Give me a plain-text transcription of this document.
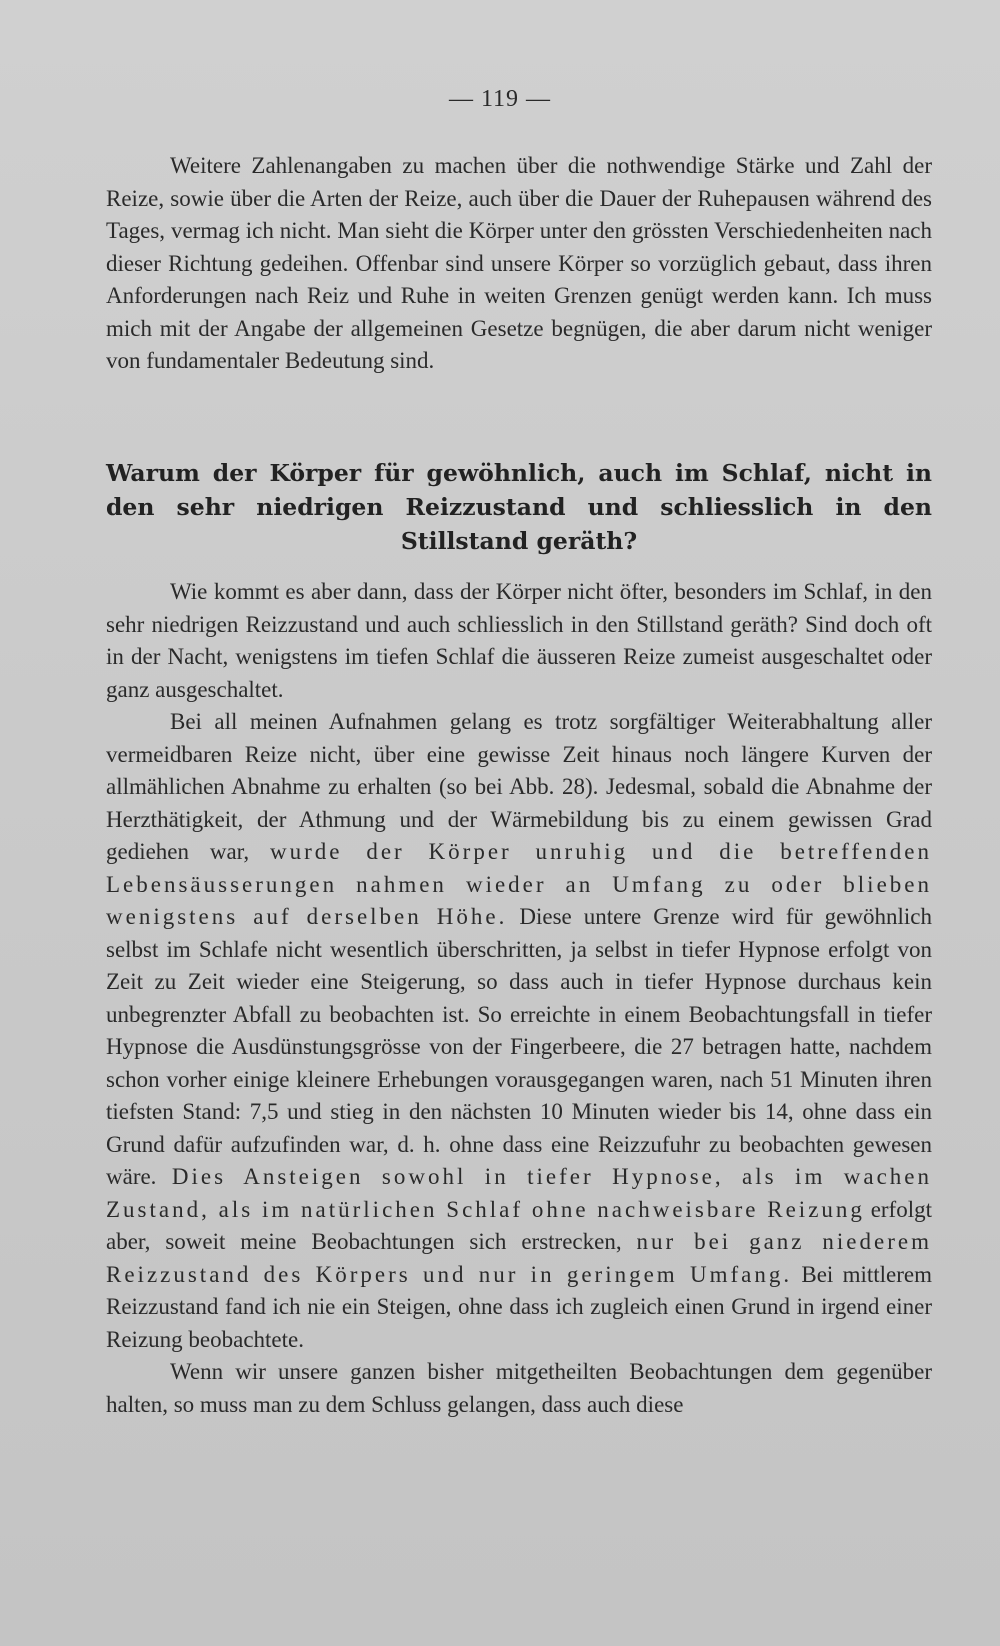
— 119 —

Weitere Zahlenangaben zu machen über die nothwendige Stärke und Zahl der Reize, sowie über die Arten der Reize, auch über die Dauer der Ruhepausen während des Tages, vermag ich nicht. Man sieht die Körper unter den grössten Verschiedenheiten nach dieser Richtung gedeihen. Offenbar sind unsere Körper so vorzüglich gebaut, dass ihren Anforderungen nach Reiz und Ruhe in weiten Grenzen genügt werden kann. Ich muss mich mit der Angabe der allgemeinen Gesetze begnügen, die aber darum nicht weniger von fundamentaler Bedeutung sind.

Warum der Körper für gewöhnlich, auch im Schlaf, nicht in den sehr niedrigen Reizzustand und schliesslich in den Stillstand geräth?

Wie kommt es aber dann, dass der Körper nicht öfter, besonders im Schlaf, in den sehr niedrigen Reizzustand und auch schliesslich in den Stillstand geräth? Sind doch oft in der Nacht, wenigstens im tiefen Schlaf die äusseren Reize zumeist ausgeschaltet oder ganz ausgeschaltet.

Bei all meinen Aufnahmen gelang es trotz sorgfältiger Weiterabhaltung aller vermeidbaren Reize nicht, über eine gewisse Zeit hinaus noch längere Kurven der allmählichen Abnahme zu erhalten (so bei Abb. 28). Jedesmal, sobald die Abnahme der Herzthätigkeit, der Athmung und der Wärmebildung bis zu einem gewissen Grad gediehen war, wurde der Körper unruhig und die betreffenden Lebensäusserungen nahmen wieder an Umfang zu oder blieben wenigstens auf derselben Höhe. Diese untere Grenze wird für gewöhnlich selbst im Schlafe nicht wesentlich überschritten, ja selbst in tiefer Hypnose erfolgt von Zeit zu Zeit wieder eine Steigerung, so dass auch in tiefer Hypnose durchaus kein unbegrenzter Abfall zu beobachten ist. So erreichte in einem Beobachtungsfall in tiefer Hypnose die Ausdünstungsgrösse von der Fingerbeere, die 27 betragen hatte, nachdem schon vorher einige kleinere Erhebungen vorausgegangen waren, nach 51 Minuten ihren tiefsten Stand: 7,5 und stieg in den nächsten 10 Minuten wieder bis 14, ohne dass ein Grund dafür aufzufinden war, d. h. ohne dass eine Reizzufuhr zu beobachten gewesen wäre. Dies Ansteigen sowohl in tiefer Hypnose, als im wachen Zustand, als im natürlichen Schlaf ohne nachweisbare Reizung erfolgt aber, soweit meine Beobachtungen sich erstrecken, nur bei ganz niederem Reizzustand des Körpers und nur in geringem Umfang. Bei mittlerem Reizzustand fand ich nie ein Steigen, ohne dass ich zugleich einen Grund in irgend einer Reizung beobachtete.

Wenn wir unsere ganzen bisher mitgetheilten Beobachtungen dem gegenüber halten, so muss man zu dem Schluss gelangen, dass auch diese
